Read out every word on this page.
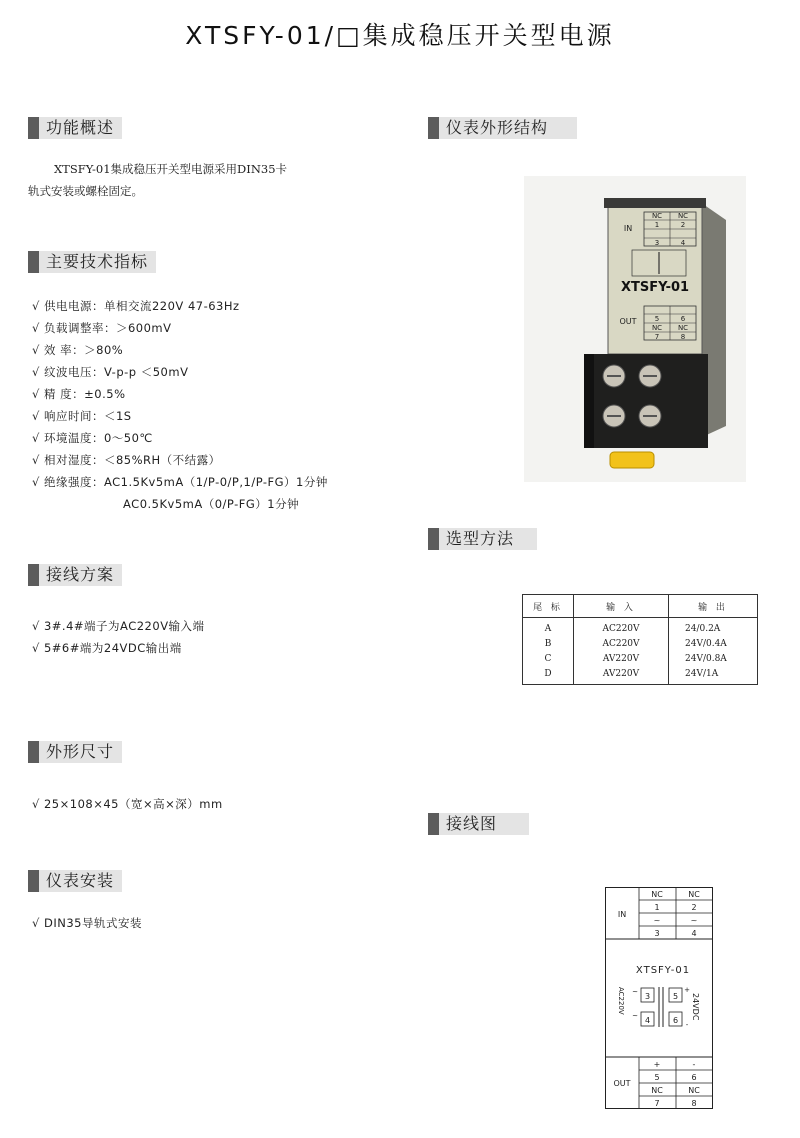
XTSFY-01/□集成稳压开关型电源
功能概述
XTSFY-01集成稳压开关型电源采用DIN35卡
轨式安装或螺栓固定。
主要技术指标
√ 供电电源：单相交流220V 47-63Hz
√ 负载调整率：＞600mV
√ 效 率：＞80%
√ 纹波电压：V-p-p ＜50mV
√ 精 度：±0.5%
√ 响应时间：＜1S
√ 环境温度：0～50℃
√ 相对湿度：＜85%RH（不结露）
√ 绝缘强度：AC1.5Kv5mA（1/P-0/P,1/P-FG）1分钟
AC0.5Kv5mA（0/P-FG）1分钟
接线方案
√ 3#.4#端子为AC220V输入端
√ 5#6#端为24VDC输出端
外形尺寸
√ 25×108×45（宽×高×深）mm
仪表安装
√ DIN35导轨式安装
仪表外形结构
选型方法
接线图
NC NC
1	2
3	4
IN
XTSFY-01
5	6
NC NC
7	8
OUT
尾 标	输 入	输 出
A	AC220V	24/0.2A
B	AC220V	24V/0.4A
C	AV220V	24V/0.8A
D	AV220V	24V/1A
IN
NC	NC
1	2
~	~
3	4
XTSFY-01
3
4
~
~
AC220V	5
6
+
-
24VDC
OUT
+	-
5	6
NC	NC
7	8
